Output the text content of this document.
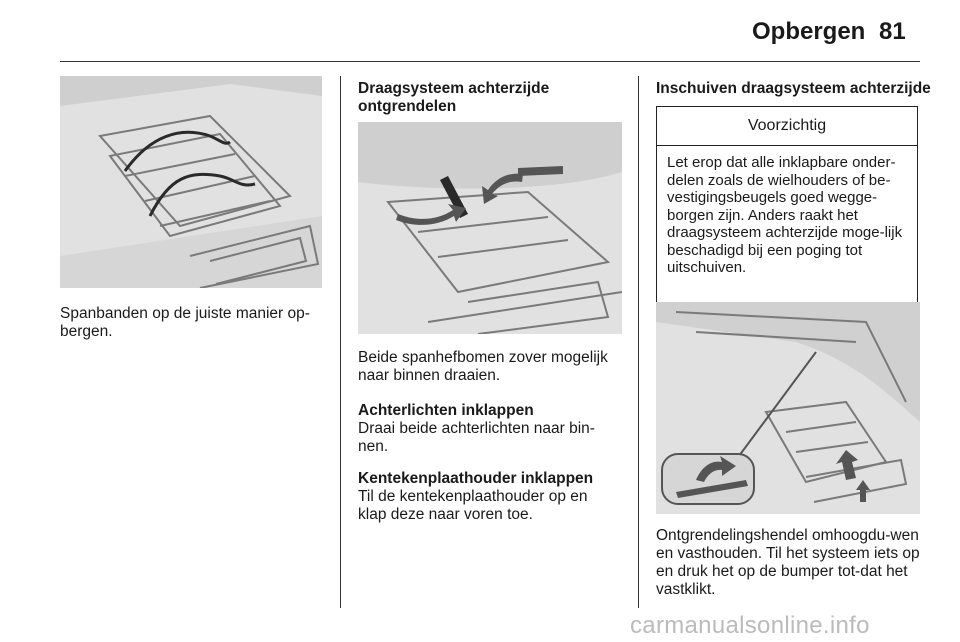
Opbergen 81
Spanbanden op de juiste manier op-bergen.
Draagsysteem achterzijde ontgrendelen
Beide spanhefbomen zover mogelijk naar binnen draaien.
Achterlichten inklappen
Draai beide achterlichten naar bin-nen.
Kentekenplaathouder inklappen
Til de kentekenplaathouder op en klap deze naar voren toe.
Inschuiven draagsysteem achterzijde
Voorzichtig
Let erop dat alle inklapbare onder-delen zoals de wielhouders of be-vestigingsbeugels goed wegge-borgen zijn. Anders raakt het draagsysteem achterzijde moge-lijk beschadigd bij een poging tot uitschuiven.
Ontgrendelingshendel omhoogdu-wen en vasthouden. Til het systeem iets op en druk het op de bumper tot-dat het vastklikt.
carmanualsonline.info
